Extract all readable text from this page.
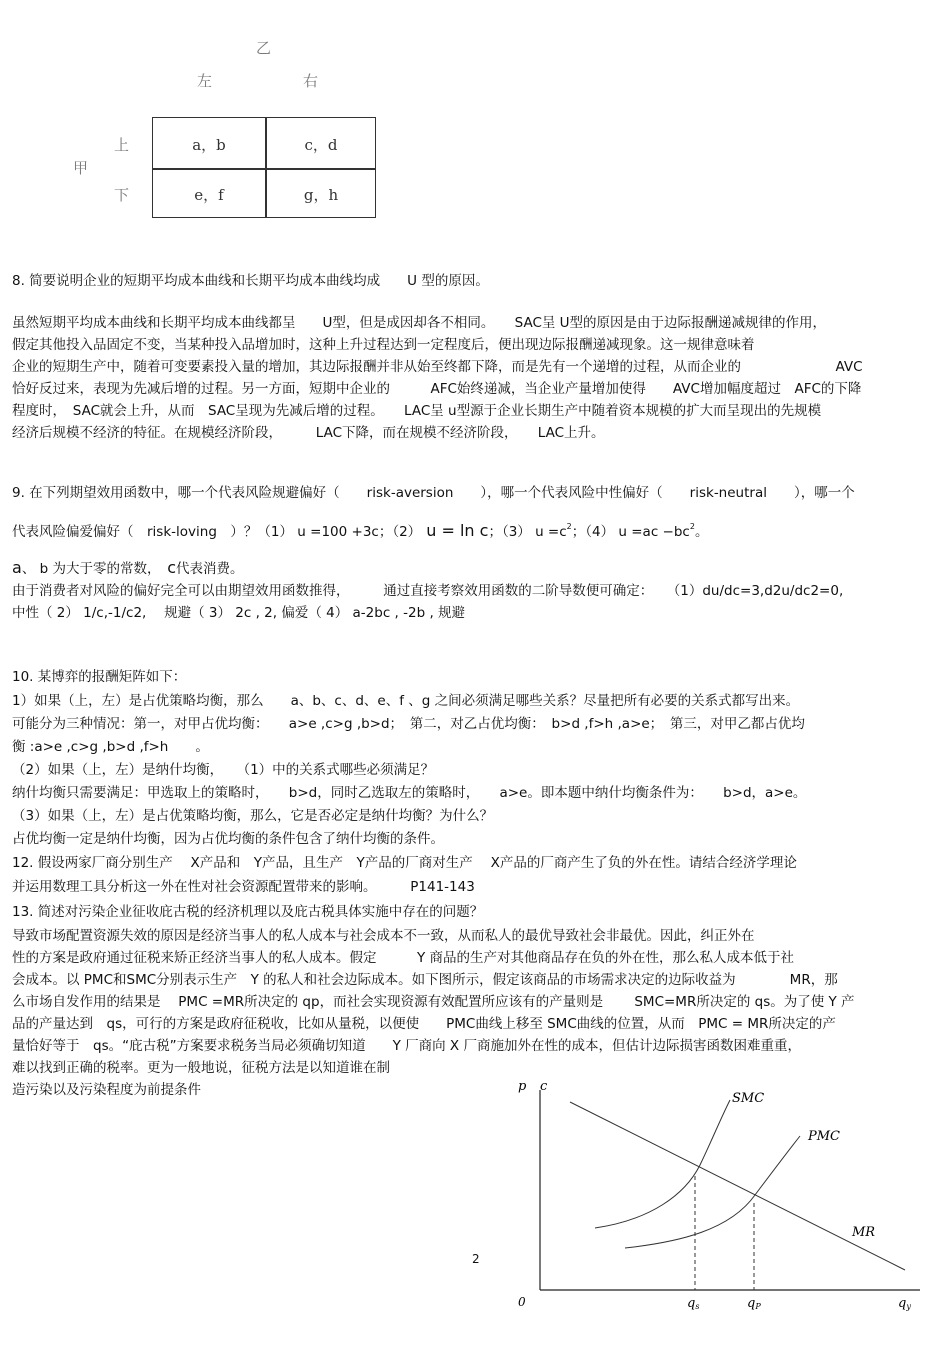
乙
左	右
甲
上
下
a，b	c，d
e，f	g，h
8. 简要说明企业的短期平均成本曲线和长期平均成本曲线均成　　U 型的原因。
虽然短期平均成本曲线和长期平均成本曲线都呈　　U型，但是成因却各不相同。　　SAC呈 U型的原因是由于边际报酬递减规律的作用，
假定其他投入品固定不变，当某种投入品增加时，这种上升过程达到一定程度后，便出现边际报酬递减现象。这一规律意味着
企业的短期生产中，随着可变要素投入量的增加，其边际报酬并非从始至终都下降，而是先有一个递增的过程，从而企业的　　　　　　　AVC
恰好反过来，表现为先减后增的过程。另一方面，短期中企业的　　　AFC始终递减，当企业产量增加使得　　AVC增加幅度超过　AFC的下降
程度时，　SAC就会上升，从而　SAC呈现为先减后增的过程。　　LAC呈 u型源于企业长期生产中随着资本规模的扩大而呈现出的先规模
经济后规模不经济的特征。在规模经济阶段，　　　LAC下降，而在规模不经济阶段，　　LAC上升。
9. 在下列期望效用函数中，哪一个代表风险规避偏好（　　risk-aversion　　），哪一个代表风险中性偏好（　　risk-neutral　　），哪一个
代表风险偏爱偏好（　risk-loving　）？（1） u =100 +3c；（2） u = ln c；（3） $u =c^2$；（4） $u =ac -bc^2$。
a、 b 为大于零的常数，　 c代表消费。
由于消费者对风险的偏好完全可以由期望效用函数推得，　　　通过直接考察效用函数的二阶导数便可确定：　　（1）du/dc=3,d2u/dc2=0,
中性（ 2） 1/c,-1/c2,　 规避（ 3） 2c , 2, 偏爱（ 4） a-2bc , -2b , 规避
10. 某博弈的报酬矩阵如下：
1）如果（上，左）是占优策略均衡，那么　　a、b、c、d、e、f 、g 之间必须满足哪些关系？尽量把所有必要的关系式都写出来。
可能分为三种情况：第一，对甲占优均衡：　　a>e ,c>g ,b>d；　第二，对乙占优均衡：　b>d ,f>h ,a>e；　第三，对甲乙都占优均
衡 :a>e ,c>g ,b>d ,f>h　　。
（2）如果（上，左）是纳什均衡，　　（1）中的关系式哪些必须满足？
纳什均衡只需要满足：甲选取上的策略时，　　b>d，同时乙选取左的策略时，　　a>e。即本题中纳什均衡条件为：　　b>d，a>e。
（3）如果（上，左）是占优策略均衡，那么，它是否必定是纳什均衡？为什么？
占优均衡一定是纳什均衡，因为占优均衡的条件包含了纳什均衡的条件。
12. 假设两家厂商分别生产　 X产品和　Y产品，且生产　Y产品的厂商对生产　 X产品的厂商产生了负的外在性。请结合经济学理论
并运用数理工具分析这一外在性对社会资源配置带来的影响。　　　P141-143
13. 简述对污染企业征收庇古税的经济机理以及庇古税具体实施中存在的问题？
导致市场配置资源失效的原因是经济当事人的私人成本与社会成本不一致，从而私人的最优导致社会非最优。因此，纠正外在
性的方案是政府通过征税来矫正经济当事人的私人成本。假定　　　Y 商品的生产对其他商品存在负的外在性，那么私人成本低于社
会成本。以 PMC和SMC分别表示生产　Y 的私人和社会边际成本。如下图所示，假定该商品的市场需求决定的边际收益为　　　　MR，那
么市场自发作用的结果是　 PMC =MR所决定的 qp，而社会实现资源有效配置所应该有的产量则是　　 SMC=MR所决定的 qs。为了使 Y 产
品的产量达到　qs，可行的方案是政府征税收，比如从量税，以便使　　PMC曲线上移至 SMC曲线的位置，从而　PMC = MR所决定的产
量恰好等于　qs。“庇古税”方案要求税务当局必须确切知道　　Y 厂商向 X 厂商施加外在性的成本，但估计边际损害函数困难重重，
难以找到正确的税率。更为一般地说，征税方法是以知道谁在制
造污染以及污染程度为前提条件	p c
SMC
PMC
MR
0	qs	qP	qy
2
